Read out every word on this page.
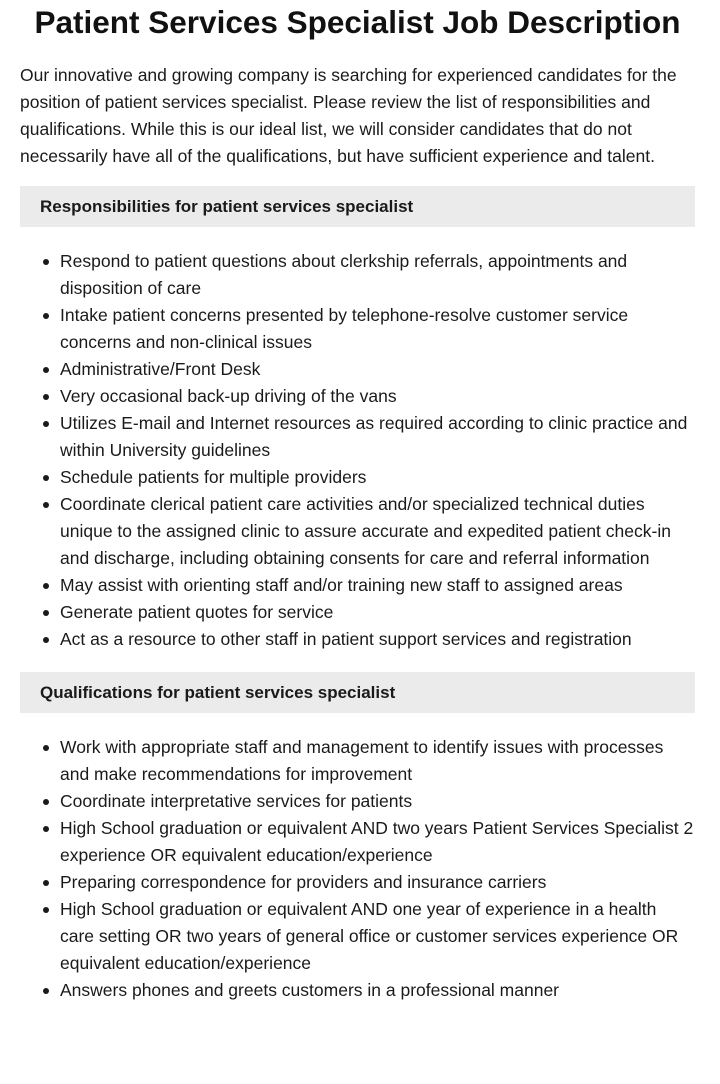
Patient Services Specialist Job Description

Our innovative and growing company is searching for experienced candidates for the position of patient services specialist. Please review the list of responsibilities and qualifications. While this is our ideal list, we will consider candidates that do not necessarily have all of the qualifications, but have sufficient experience and talent.

Responsibilities for patient services specialist
Respond to patient questions about clerkship referrals, appointments and disposition of care
Intake patient concerns presented by telephone-resolve customer service concerns and non-clinical issues
Administrative/Front Desk
Very occasional back-up driving of the vans
Utilizes E-mail and Internet resources as required according to clinic practice and within University guidelines
Schedule patients for multiple providers
Coordinate clerical patient care activities and/or specialized technical duties unique to the assigned clinic to assure accurate and expedited patient check-in and discharge, including obtaining consents for care and referral information
May assist with orienting staff and/or training new staff to assigned areas
Generate patient quotes for service
Act as a resource to other staff in patient support services and registration
Qualifications for patient services specialist
Work with appropriate staff and management to identify issues with processes and make recommendations for improvement
Coordinate interpretative services for patients
High School graduation or equivalent AND two years Patient Services Specialist 2 experience OR equivalent education/experience
Preparing correspondence for providers and insurance carriers
High School graduation or equivalent AND one year of experience in a health care setting OR two years of general office or customer services experience OR equivalent education/experience
Answers phones and greets customers in a professional manner
